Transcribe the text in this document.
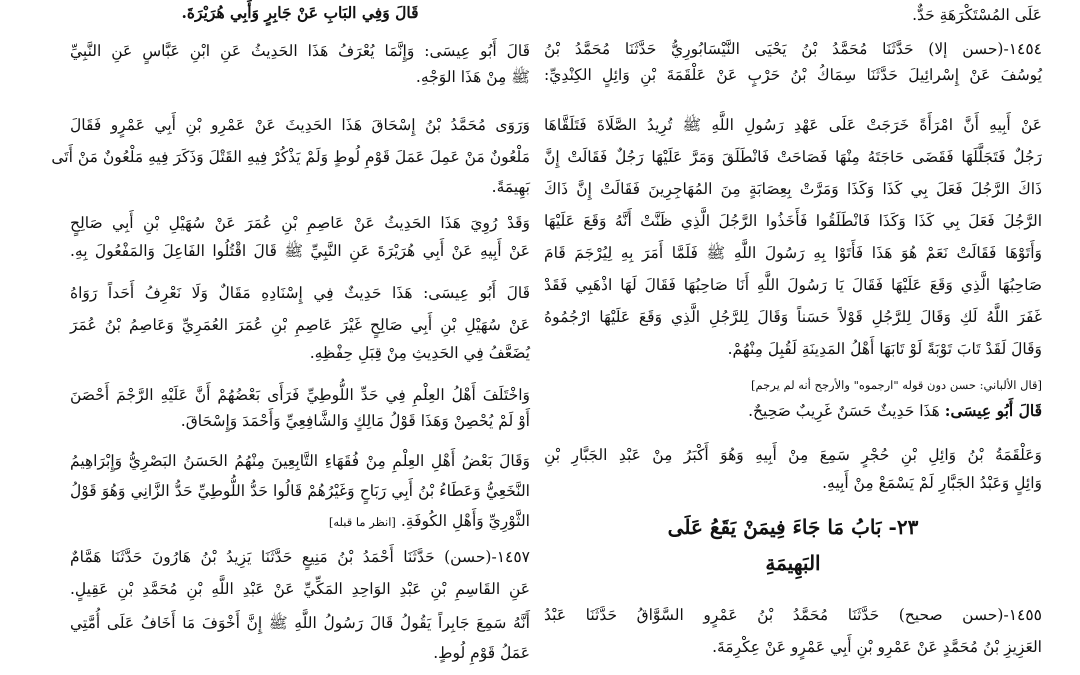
عَلَى المُسْتَكْرَهَةِ حَدٌّ.
١٤٥٤-(حسن إلا) حَدَّثَنَا مُحَمَّدُ بْنُ يَحْيَى النَّيْسَابُورِيُّ حَدَّثَنَا مُحَمَّدُ بْنُ
يُوسُفَ عَنْ إِسْرائِيلَ حَدَّثَنَا سِمَاكُ بْنُ حَرْبٍ عَنْ عَلْقَمَةَ بْنِ وَائِلٍ الكِنْدِيِّ:
عَنْ أَبِيهِ أَنَّ امْرَأَةً خَرَجَتْ عَلَى عَهْدِ رَسُولِ اللَّهِ ﷺ تُرِيدُ الصَّلَاةَ فَتَلَقَّاهَا
رَجُلٌ فَتَجَلَّلَهَا فَقَضَى حَاجَتَهُ مِنْهَا فَصَاحَتْ فَانْطَلَقَ وَمَرَّ عَلَيْهَا رَجُلٌ فَقَالَتْ إِنَّ
ذَاكَ الرَّجُلَ فَعَلَ بِي كَذَا وَكَذَا وَمَرَّتْ بِعِصَابَةٍ مِنَ المُهَاجِرِينَ فَقَالَتْ إِنَّ ذَاكَ
الرَّجُلَ فَعَلَ بِي كَذَا وَكَذَا فَانْطَلَقُوا فَأَخَذُوا الرَّجُلَ الَّذِي ظَنَّتْ أَنَّهُ وَقَعَ عَلَيْهَا
وَأَتَوْهَا فَقَالَتْ نَعَمْ هُوَ هَذَا فَأَتَوْا بِهِ رَسُولَ اللَّهِ ﷺ فَلَمَّا أَمَرَ بِهِ لِيُرْجَمَ قَامَ
صَاحِبُهَا الَّذِي وَقَعَ عَلَيْهَا فَقَالَ يَا رَسُولَ اللَّهِ أَنَا صَاحِبُهَا فَقَالَ لَهَا اذْهَبِي فَقَدْ
غَفَرَ اللَّهُ لَكِ وَقَالَ لِلرَّجُلِ قَوْلاً حَسَناً وَقَالَ لِلرَّجُلِ الَّذِي وَقَعَ عَلَيْهَا ارْجُمُوهُ
وَقَالَ لَقَدْ تَابَ تَوْبَةً لَوْ تَابَهَا أَهْلُ المَدِينَةِ لَقُبِلَ مِنْهُمْ.
[قال الألباني: حسن دون قوله "ارجموه" والأرجح أنه لم يرجم]
قَالَ أَبُو عِيسَى: هَذَا حَدِيثٌ حَسَنٌ غَرِيبٌ صَحِيحٌ.
وَعَلْقَمَةُ بْنُ وَائِلِ بْنِ حُجْرٍ سَمِعَ مِنْ أَبِيهِ وَهُوَ أَكْبَرُ مِنْ عَبْدِ الجَبَّارِ بْنِ
وَائِلٍ وَعَبْدُ الجَبَّارِ لَمْ يَسْمَعْ مِنْ أَبِيهِ.
٢٣- بَابُ مَا جَاءَ فِيمَنْ يَقَعُ عَلَى
البَهِيمَةِ
١٤٥٥-(حسن صحيح) حَدَّثَنَا مُحَمَّدُ بْنُ عَمْرٍو السَّوَّاقُ حَدَّثَنَا عَبْدُ
العَزِيزِ بْنُ مُحَمَّدٍ عَنْ عَمْرِو بْنِ أَبِي عَمْرٍو عَنْ عِكْرِمَةَ.
قَالَ وَفِي البَابِ عَنْ جَابِرٍ وَأَبِي هُرَيْرَةَ.
قَالَ أَبُو عِيسَى: وَإِنَّمَا يُعْرَفُ هَذَا الحَدِيثُ عَنِ ابْنِ عَبَّاسٍ عَنِ النَّبِيِّ
ﷺ مِنْ هَذَا الوَجْهِ.
وَرَوَى مُحَمَّدُ بْنُ إِسْحَاقَ هَذَا الحَدِيثَ عَنْ عَمْرِو بْنِ أَبِي عَمْرٍو فَقَالَ
مَلْعُونٌ مَنْ عَمِلَ عَمَلَ قَوْمِ لُوطٍ وَلَمْ يَذْكُرْ فِيهِ القَتْلَ وَذَكَرَ فِيهِ مَلْعُونٌ مَنْ أَتَى
بَهِيمَةً.
وَقَدْ رُوِيَ هَذَا الحَدِيثُ عَنْ عَاصِمِ بْنِ عُمَرَ عَنْ سُهَيْلِ بْنِ أَبِي صَالِحٍ
عَنْ أَبِيهِ عَنْ أَبِي هُرَيْرَةَ عَنِ النَّبِيِّ ﷺ قَالَ اقْتُلُوا الفَاعِلَ وَالمَفْعُولَ بِهِ.
قَالَ أَبُو عِيسَى: هَذَا حَدِيثٌ فِي إِسْنَادِهِ مَقَالٌ وَلَا نَعْرِفُ أَحَداً رَوَاهُ
عَنْ سُهَيْلِ بْنِ أَبِي صَالِحٍ غَيْرَ عَاصِمِ بْنِ عُمَرَ العُمَرِيِّ وَعَاصِمُ بْنُ عُمَرَ
يُضَعَّفُ فِي الحَدِيثِ مِنْ قِبَلِ حِفْظِهِ.
وَاخْتَلَفَ أَهْلُ العِلْمِ فِي حَدِّ اللُّوطِيِّ فَرَأَى بَعْضُهُمْ أَنَّ عَلَيْهِ الرَّجْمَ أَحْصَنَ
أَوْ لَمْ يُحْصِنْ وَهَذَا قَوْلُ مَالِكٍ وَالشَّافِعِيِّ وَأَحْمَدَ وَإِسْحَاقَ.
وَقَالَ بَعْضُ أَهْلِ العِلْمِ مِنْ فُقَهَاءِ التَّابِعِينَ مِنْهُمُ الحَسَنُ البَصْرِيُّ وَإِبْرَاهِيمُ
النَّخَعِيُّ وَعَطَاءُ بْنُ أَبِي رَبَاحٍ وَغَيْرُهُمْ قَالُوا حَدُّ اللُّوطِيِّ حَدُّ الزَّانِي وَهُوَ قَوْلُ
الثَّوْرِيِّ وَأَهْلِ الكُوفَةِ. [انظر ما قبله]
١٤٥٧-(حسن) حَدَّثَنَا أَحْمَدُ بْنُ مَنِيعٍ حَدَّثَنَا يَزِيدُ بْنُ هَارُونَ حَدَّثَنَا هَمَّامٌ
عَنِ القَاسِمِ بْنِ عَبْدِ الوَاحِدِ المَكِّيِّ عَنْ عَبْدِ اللَّهِ بْنِ مُحَمَّدِ بْنِ عَقِيلٍ.
أَنَّهُ سَمِعَ جَابِراً يَقُولُ قَالَ رَسُولُ اللَّهِ ﷺ إِنَّ أَخْوَفَ مَا أَخَافُ عَلَى أُمَّتِي
عَمَلُ قَوْمِ لُوطٍ.
